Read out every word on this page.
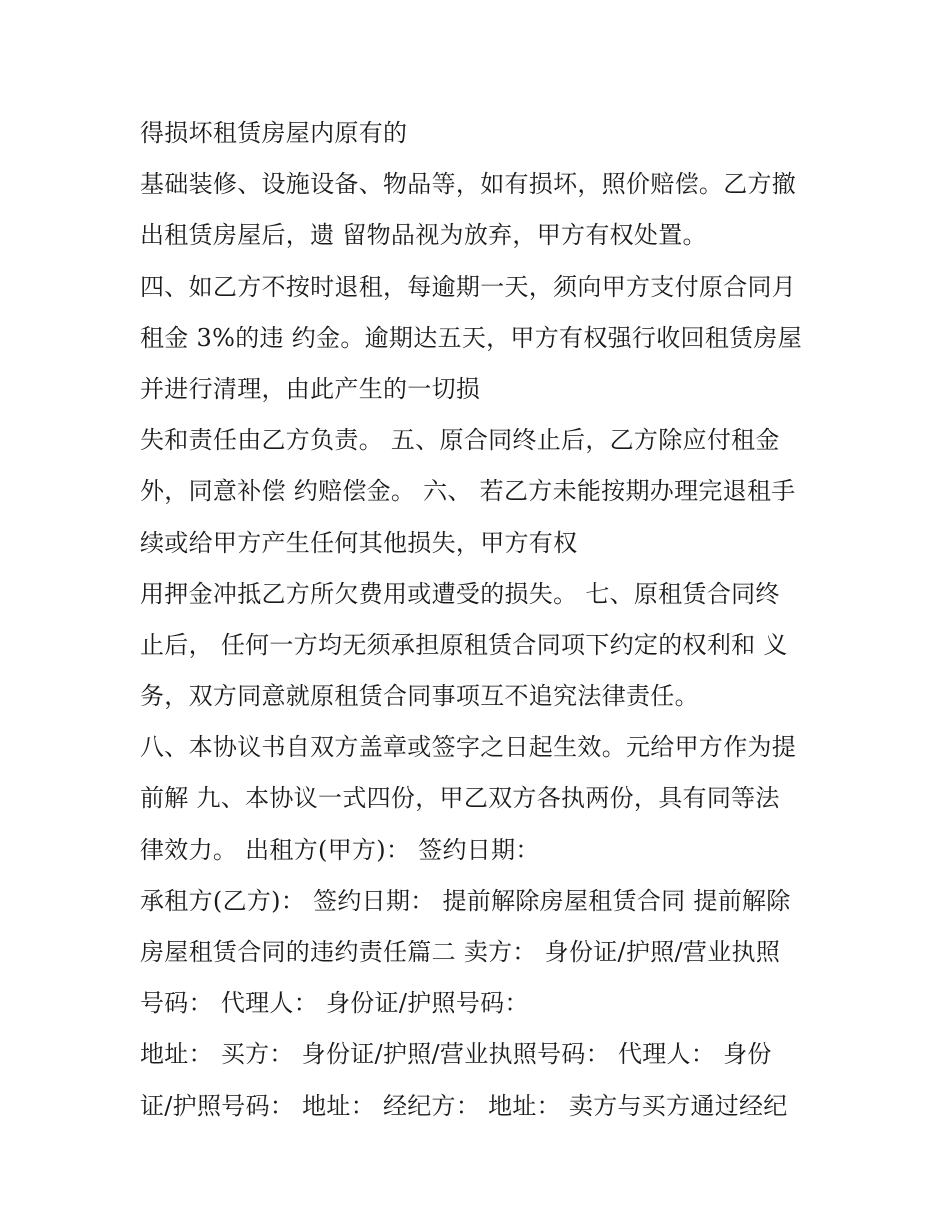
得损坏租赁房屋内原有的
基础装修、设施设备、物品等，如有损坏，照价赔偿。乙方撤
出租赁房屋后，遗 留物品视为放弃，甲方有权处置。
四、如乙方不按时退租，每逾期一天，须向甲方支付原合同月
租金 3%的违 约金。逾期达五天，甲方有权强行收回租赁房屋
并进行清理，由此产生的一切损
失和责任由乙方负责。 五、原合同终止后，乙方除应付租金
外，同意补偿 约赔偿金。 六、 若乙方未能按期办理完退租手
续或给甲方产生任何其他损失，甲方有权
用押金冲抵乙方所欠费用或遭受的损失。 七、原租赁合同终
止后， 任何一方均无须承担原租赁合同项下约定的权利和 义
务，双方同意就原租赁合同事项互不追究法律责任。
八、本协议书自双方盖章或签字之日起生效。元给甲方作为提
前解 九、本协议一式四份，甲乙双方各执两份，具有同等法
律效力。 出租方(甲方)： 签约日期：
承租方(乙方)： 签约日期： 提前解除房屋租赁合同 提前解除
房屋租赁合同的违约责任篇二 卖方： 身份证/护照/营业执照
号码： 代理人： 身份证/护照号码：
地址： 买方： 身份证/护照/营业执照号码： 代理人： 身份
证/护照号码： 地址： 经纪方： 地址： 卖方与买方通过经纪
